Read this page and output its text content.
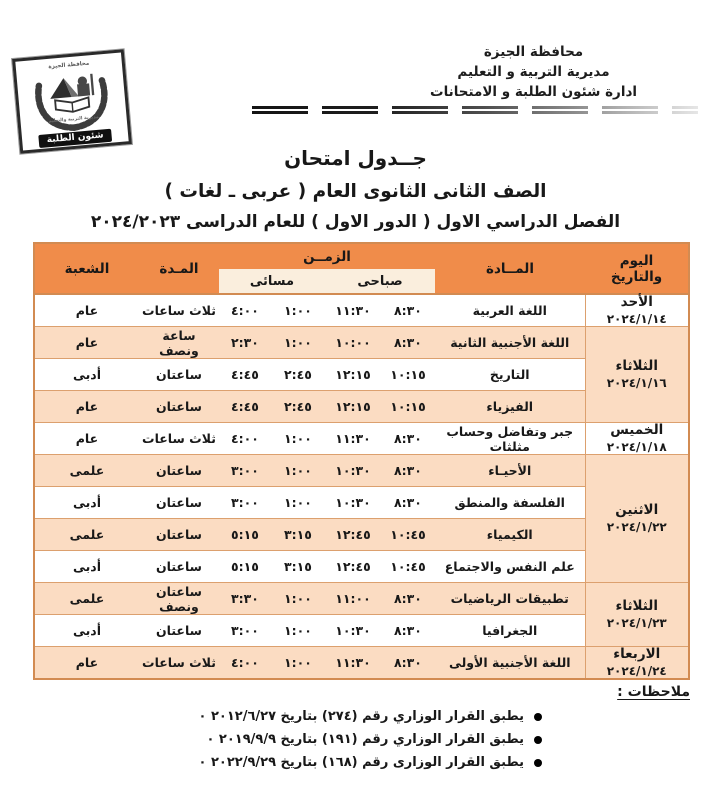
محافظة الجيزة
مديرية التربية و التعليم
ادارة شئون الطلبة و الامتحانات
محافظة الجيزة
مديرية التربية والتعليم
شئون الطلبة
جــدول امتحان
الصف الثانى الثانوى العام ( عربى ـ لغات )
الفصل الدراسي الاول ( الدور الاول ) للعام الدراسى ٢٠٢٤/٢٠٢٣
اليوم
والتاريخ	المــادة	الزمــن				المـدة	الشعبة
		صباحى		مسائى			

الأحد
٢٠٢٤/١/١٤	اللغة العربية	٨:٣٠	١١:٣٠	١:٠٠	٤:٠٠	ثلاث ساعات	عام

الثلاثاء
٢٠٢٤/١/١٦	اللغة الأجنبية الثانية	٨:٣٠	١٠:٠٠	١:٠٠	٢:٣٠	ساعة ونصف	عام
	التاريخ	١٠:١٥	١٢:١٥	٢:٤٥	٤:٤٥	ساعتان	أدبى
	الفيزياء	١٠:١٥	١٢:١٥	٢:٤٥	٤:٤٥	ساعتان	عام

الخميس
٢٠٢٤/١/١٨	جبر وتفاضل وحساب مثلثات	٨:٣٠	١١:٣٠	١:٠٠	٤:٠٠	ثلاث ساعات	عام

الاثنين
٢٠٢٤/١/٢٢	الأحيـاء	٨:٣٠	١٠:٣٠	١:٠٠	٣:٠٠	ساعتان	علمى
	الفلسفة والمنطق	٨:٣٠	١٠:٣٠	١:٠٠	٣:٠٠	ساعتان	أدبى
	الكيمياء	١٠:٤٥	١٢:٤٥	٣:١٥	٥:١٥	ساعتان	علمى
	علم النفس والاجتماع	١٠:٤٥	١٢:٤٥	٣:١٥	٥:١٥	ساعتان	أدبى

الثلاثاء
٢٠٢٤/١/٢٣	تطبيقات الرياضيات	٨:٣٠	١١:٠٠	١:٠٠	٣:٣٠	ساعتان ونصف	علمى
	الجغرافيا	٨:٣٠	١٠:٣٠	١:٠٠	٣:٠٠	ساعتان	أدبى

الاربعاء
٢٠٢٤/١/٢٤	اللغة الأجنبية الأولى	٨:٣٠	١١:٣٠	١:٠٠	٤:٠٠	ثلاث ساعات	عام

ملاحظات :

يطبق القرار الوزاري رقم (٢٧٤) بتاريخ ٢٠١٢/٦/٢٧ ٠
يطبق القرار الوزاري رقم (١٩١) بتاريخ ٢٠١٩/٩/٩ ٠
يطبق القرار الوزارى رقم (١٦٨) بتاريخ ٢٠٢٢/٩/٢٩ ٠
